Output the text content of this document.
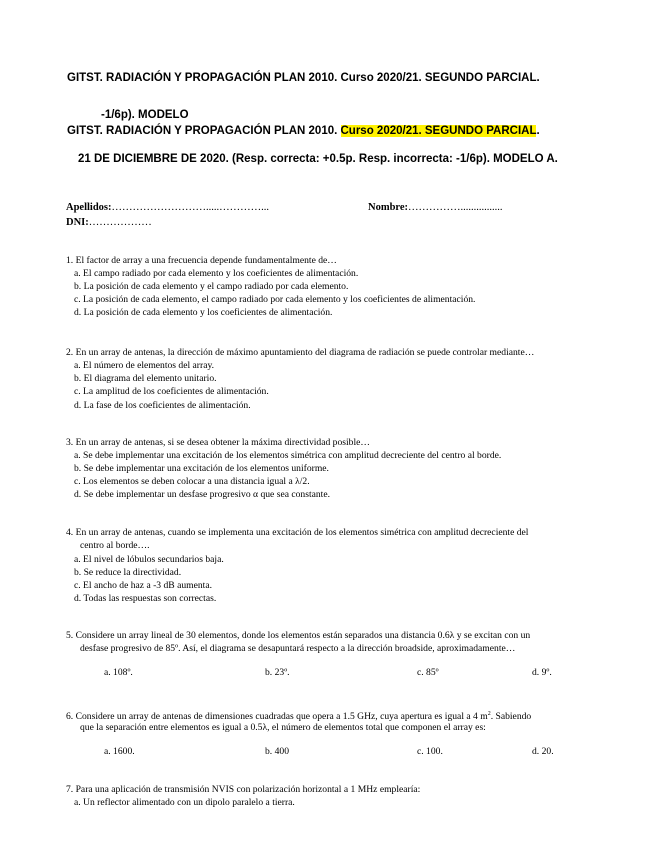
GITST. RADIACIÓN Y PROPAGACIÓN PLAN 2010. Curso 2020/21. SEGUNDO PARCIAL.
-1/6p). MODELO
GITST. RADIACIÓN Y PROPAGACIÓN PLAN 2010. Curso 2020/21. SEGUNDO PARCIAL.
21 DE DICIEMBRE DE 2020. (Resp. correcta: +0.5p. Resp. incorrecta: -1/6p). MODELO A.
Apellidos:……………………….....…………...	Nombre:……………................
DNI:………………
1. El factor de array a una frecuencia depende fundamentalmente de…
a. El campo radiado por cada elemento y los coeficientes de alimentación.
b. La posición de cada elemento y el campo radiado por cada elemento.
c. La posición de cada elemento, el campo radiado por cada elemento y los coeficientes de alimentación.
d. La posición de cada elemento y los coeficientes de alimentación.
2. En un array de antenas, la dirección de máximo apuntamiento del diagrama de radiación se puede controlar mediante…
a. El número de elementos del array.
b. El diagrama del elemento unitario.
c. La amplitud de los coeficientes de alimentación.
d. La fase de los coeficientes de alimentación.
3. En un array de antenas, si se desea obtener la máxima directividad posible…
a. Se debe implementar una excitación de los elementos simétrica con amplitud decreciente del centro al borde.
b. Se debe implementar una excitación de los elementos uniforme.
c. Los elementos se deben colocar a una distancia igual a λ/2.
d. Se debe implementar un desfase progresivo α que sea constante.
4. En un array de antenas, cuando se implementa una excitación de los elementos simétrica con amplitud decreciente del
centro al borde….
a. El nivel de lóbulos secundarios baja.
b. Se reduce la directividad.
c. El ancho de haz a -3 dB aumenta.
d. Todas las respuestas son correctas.
5. Considere un array lineal de 30 elementos, donde los elementos están separados una distancia 0.6λ y se excitan con un
desfase progresivo de 85º. Así, el diagrama se desapuntará respecto a la dirección broadside, aproximadamente…
a. 108º.	b. 23º.	c. 85º	d. 9º.
6. Considere un array de antenas de dimensiones cuadradas que opera a 1.5 GHz, cuya apertura es igual a 4 $m^2$. Sabiendo
que la separación entre elementos es igual a 0.5λ, el número de elementos total que componen el array es:
a. 1600.	b. 400	c. 100.	d. 20.
7. Para una aplicación de transmisión NVIS con polarización horizontal a 1 MHz emplearía:
a. Un reflector alimentado con un dipolo paralelo a tierra.
